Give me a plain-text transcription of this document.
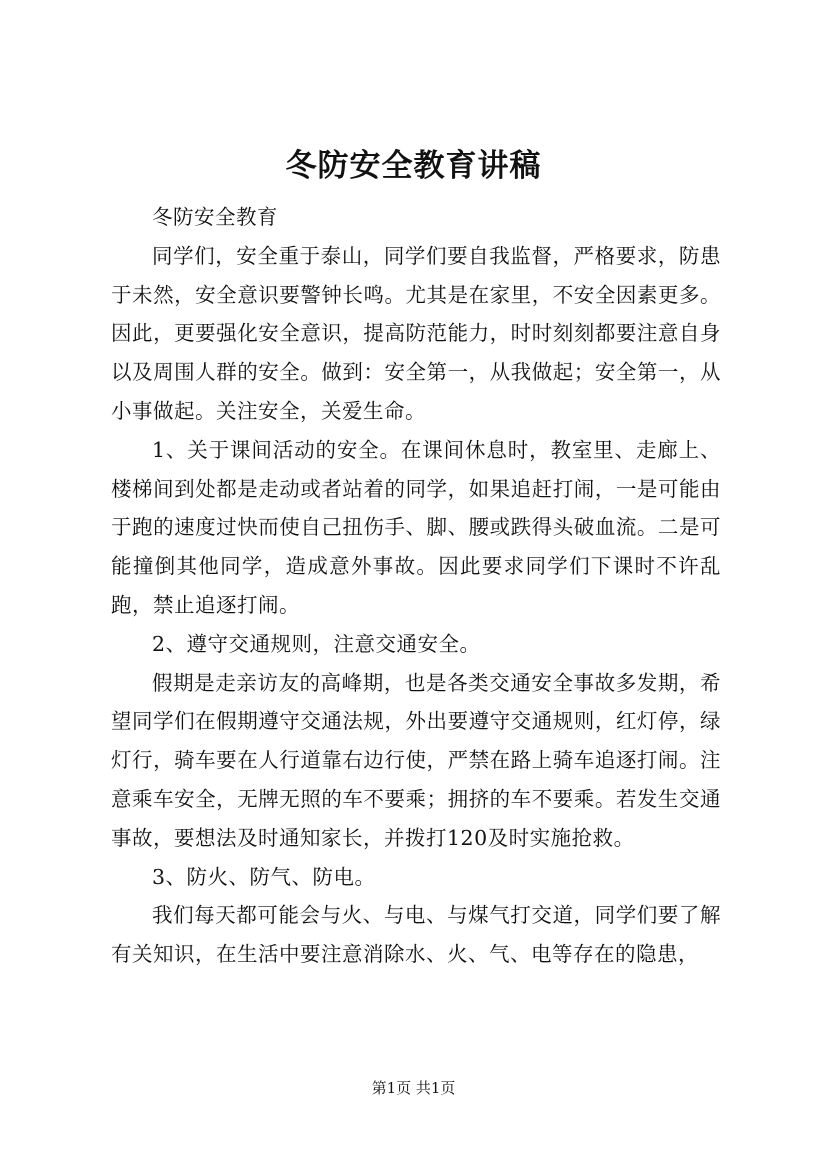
冬防安全教育讲稿

冬防安全教育

同学们，安全重于泰山，同学们要自我监督，严格要求，防患于未然，安全意识要警钟长鸣。尤其是在家里，不安全因素更多。因此，更要强化安全意识，提高防范能力，时时刻刻都要注意自身以及周围人群的安全。做到：安全第一，从我做起；安全第一，从小事做起。关注安全，关爱生命。

1、关于课间活动的安全。在课间休息时，教室里、走廊上、楼梯间到处都是走动或者站着的同学，如果追赶打闹，一是可能由于跑的速度过快而使自己扭伤手、脚、腰或跌得头破血流。二是可能撞倒其他同学，造成意外事故。因此要求同学们下课时不许乱跑，禁止追逐打闹。

2、遵守交通规则，注意交通安全。

假期是走亲访友的高峰期，也是各类交通安全事故多发期，希望同学们在假期遵守交通法规，外出要遵守交通规则，红灯停，绿灯行，骑车要在人行道靠右边行使，严禁在路上骑车追逐打闹。注意乘车安全，无牌无照的车不要乘；拥挤的车不要乘。若发生交通事故，要想法及时通知家长，并拨打120及时实施抢救。

3、防火、防气、防电。

我们每天都可能会与火、与电、与煤气打交道，同学们要了解有关知识，在生活中要注意消除水、火、气、电等存在的隐患，

第1页 共1页
